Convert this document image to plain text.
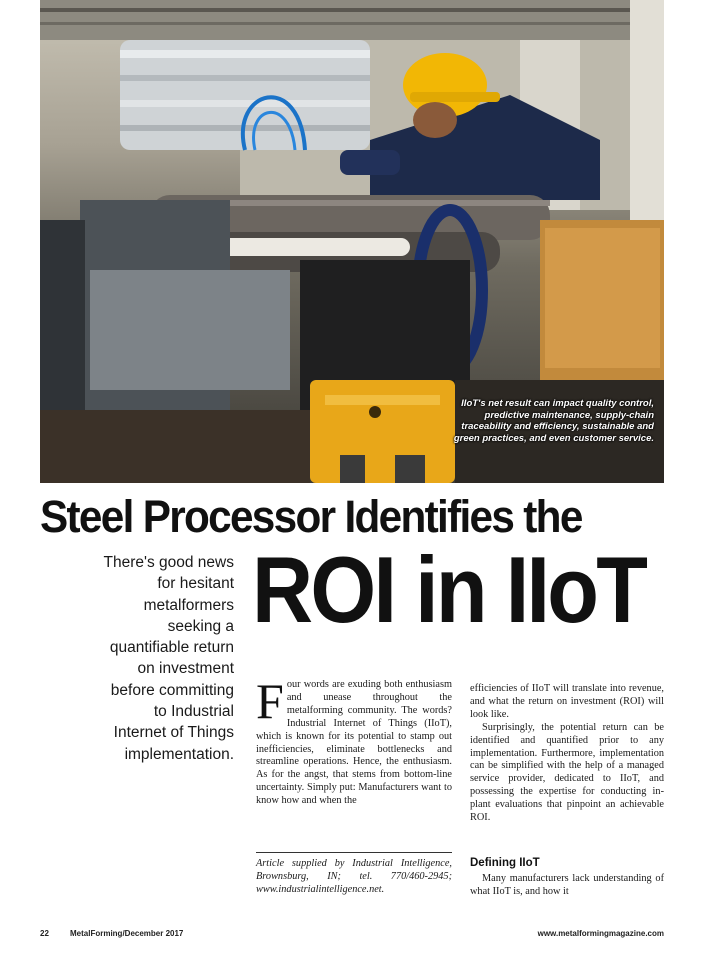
IIoT's net result can impact quality control, predictive maintenance, supply-chain traceability and efficiency, sustainable and green practices, and even customer service.
Steel Processor Identifies the
ROI in IIoT
There's good news
for hesitant
metalformers
seeking a
quantifiable return
on investment
before committing
to Industrial
Internet of Things
implementation.

Four words are exuding both enthusiasm and unease throughout the metalforming community. The words? Industrial Internet of Things (IIoT), which is known for its potential to stamp out inefficiencies, eliminate bottlenecks and streamline operations. Hence, the enthusiasm. As for the angst, that stems from bottom-line uncertainty. Simply put: Manufacturers want to know how and when the

Article supplied by Industrial Intelligence, Brownsburg, IN; tel. 770/460-2945; www.industrialintelligence.net.

efficiencies of IIoT will translate into revenue, and what the return on investment (ROI) will look like.

Surprisingly, the potential return can be identified and quantified prior to any implementation. Furthermore, implementation can be simplified with the help of a managed service provider, dedicated to IIoT, and possessing the expertise for conducting in-plant evaluations that pinpoint an achievable ROI.

Defining IIoT

Many manufacturers lack understanding of what IIoT is, and how it

22	MetalForming/December 2017	www.metalformingmagazine.com
